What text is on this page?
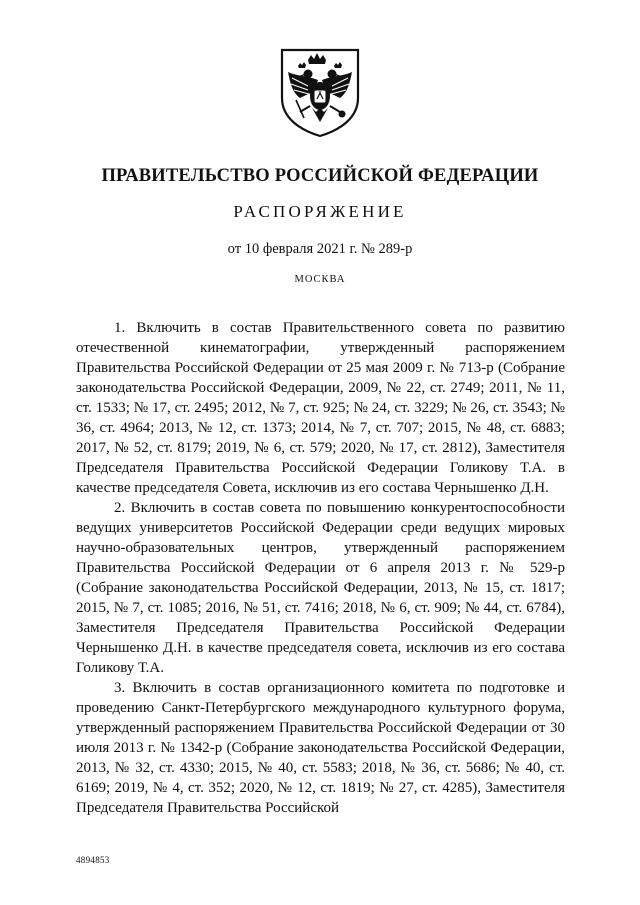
ПРАВИТЕЛЬСТВО РОССИЙСКОЙ ФЕДЕРАЦИИ
РАСПОРЯЖЕНИЕ
от 10 февраля 2021 г. № 289-р
МОСКВА

1. Включить в состав Правительственного совета по развитию отечественной кинематографии, утвержденный распоряжением Правительства Российской Федерации от 25 мая 2009 г. № 713-р (Собрание законодательства Российской Федерации, 2009, № 22, ст. 2749; 2011, № 11, ст. 1533; № 17, ст. 2495; 2012, № 7, ст. 925; № 24, ст. 3229; № 26, ст. 3543; № 36, ст. 4964; 2013, № 12, ст. 1373; 2014, № 7, ст. 707; 2015, № 48, ст. 6883; 2017, № 52, ст. 8179; 2019, № 6, ст. 579; 2020, № 17, ст. 2812), Заместителя Председателя Правительства Российской Федерации Голикову Т.А. в качестве председателя Совета, исключив из его состава Чернышенко Д.Н.

2. Включить в состав совета по повышению конкурентоспособности ведущих университетов Российской Федерации среди ведущих мировых научно-образовательных центров, утвержденный распоряжением Правительства Российской Федерации от 6 апреля 2013 г. № 529-р (Собрание законодательства Российской Федерации, 2013, № 15, ст. 1817; 2015, № 7, ст. 1085; 2016, № 51, ст. 7416; 2018, № 6, ст. 909; № 44, ст. 6784), Заместителя Председателя Правительства Российской Федерации Чернышенко Д.Н. в качестве председателя совета, исключив из его состава Голикову Т.А.

3. Включить в состав организационного комитета по подготовке и проведению Санкт-Петербургского международного культурного форума, утвержденный распоряжением Правительства Российской Федерации от 30 июля 2013 г. № 1342-р (Собрание законодательства Российской Федерации, 2013, № 32, ст. 4330; 2015, № 40, ст. 5583; 2018, № 36, ст. 5686; № 40, ст. 6169; 2019, № 4, ст. 352; 2020, № 12, ст. 1819; № 27, ст. 4285), Заместителя Председателя Правительства Российской

4894853
